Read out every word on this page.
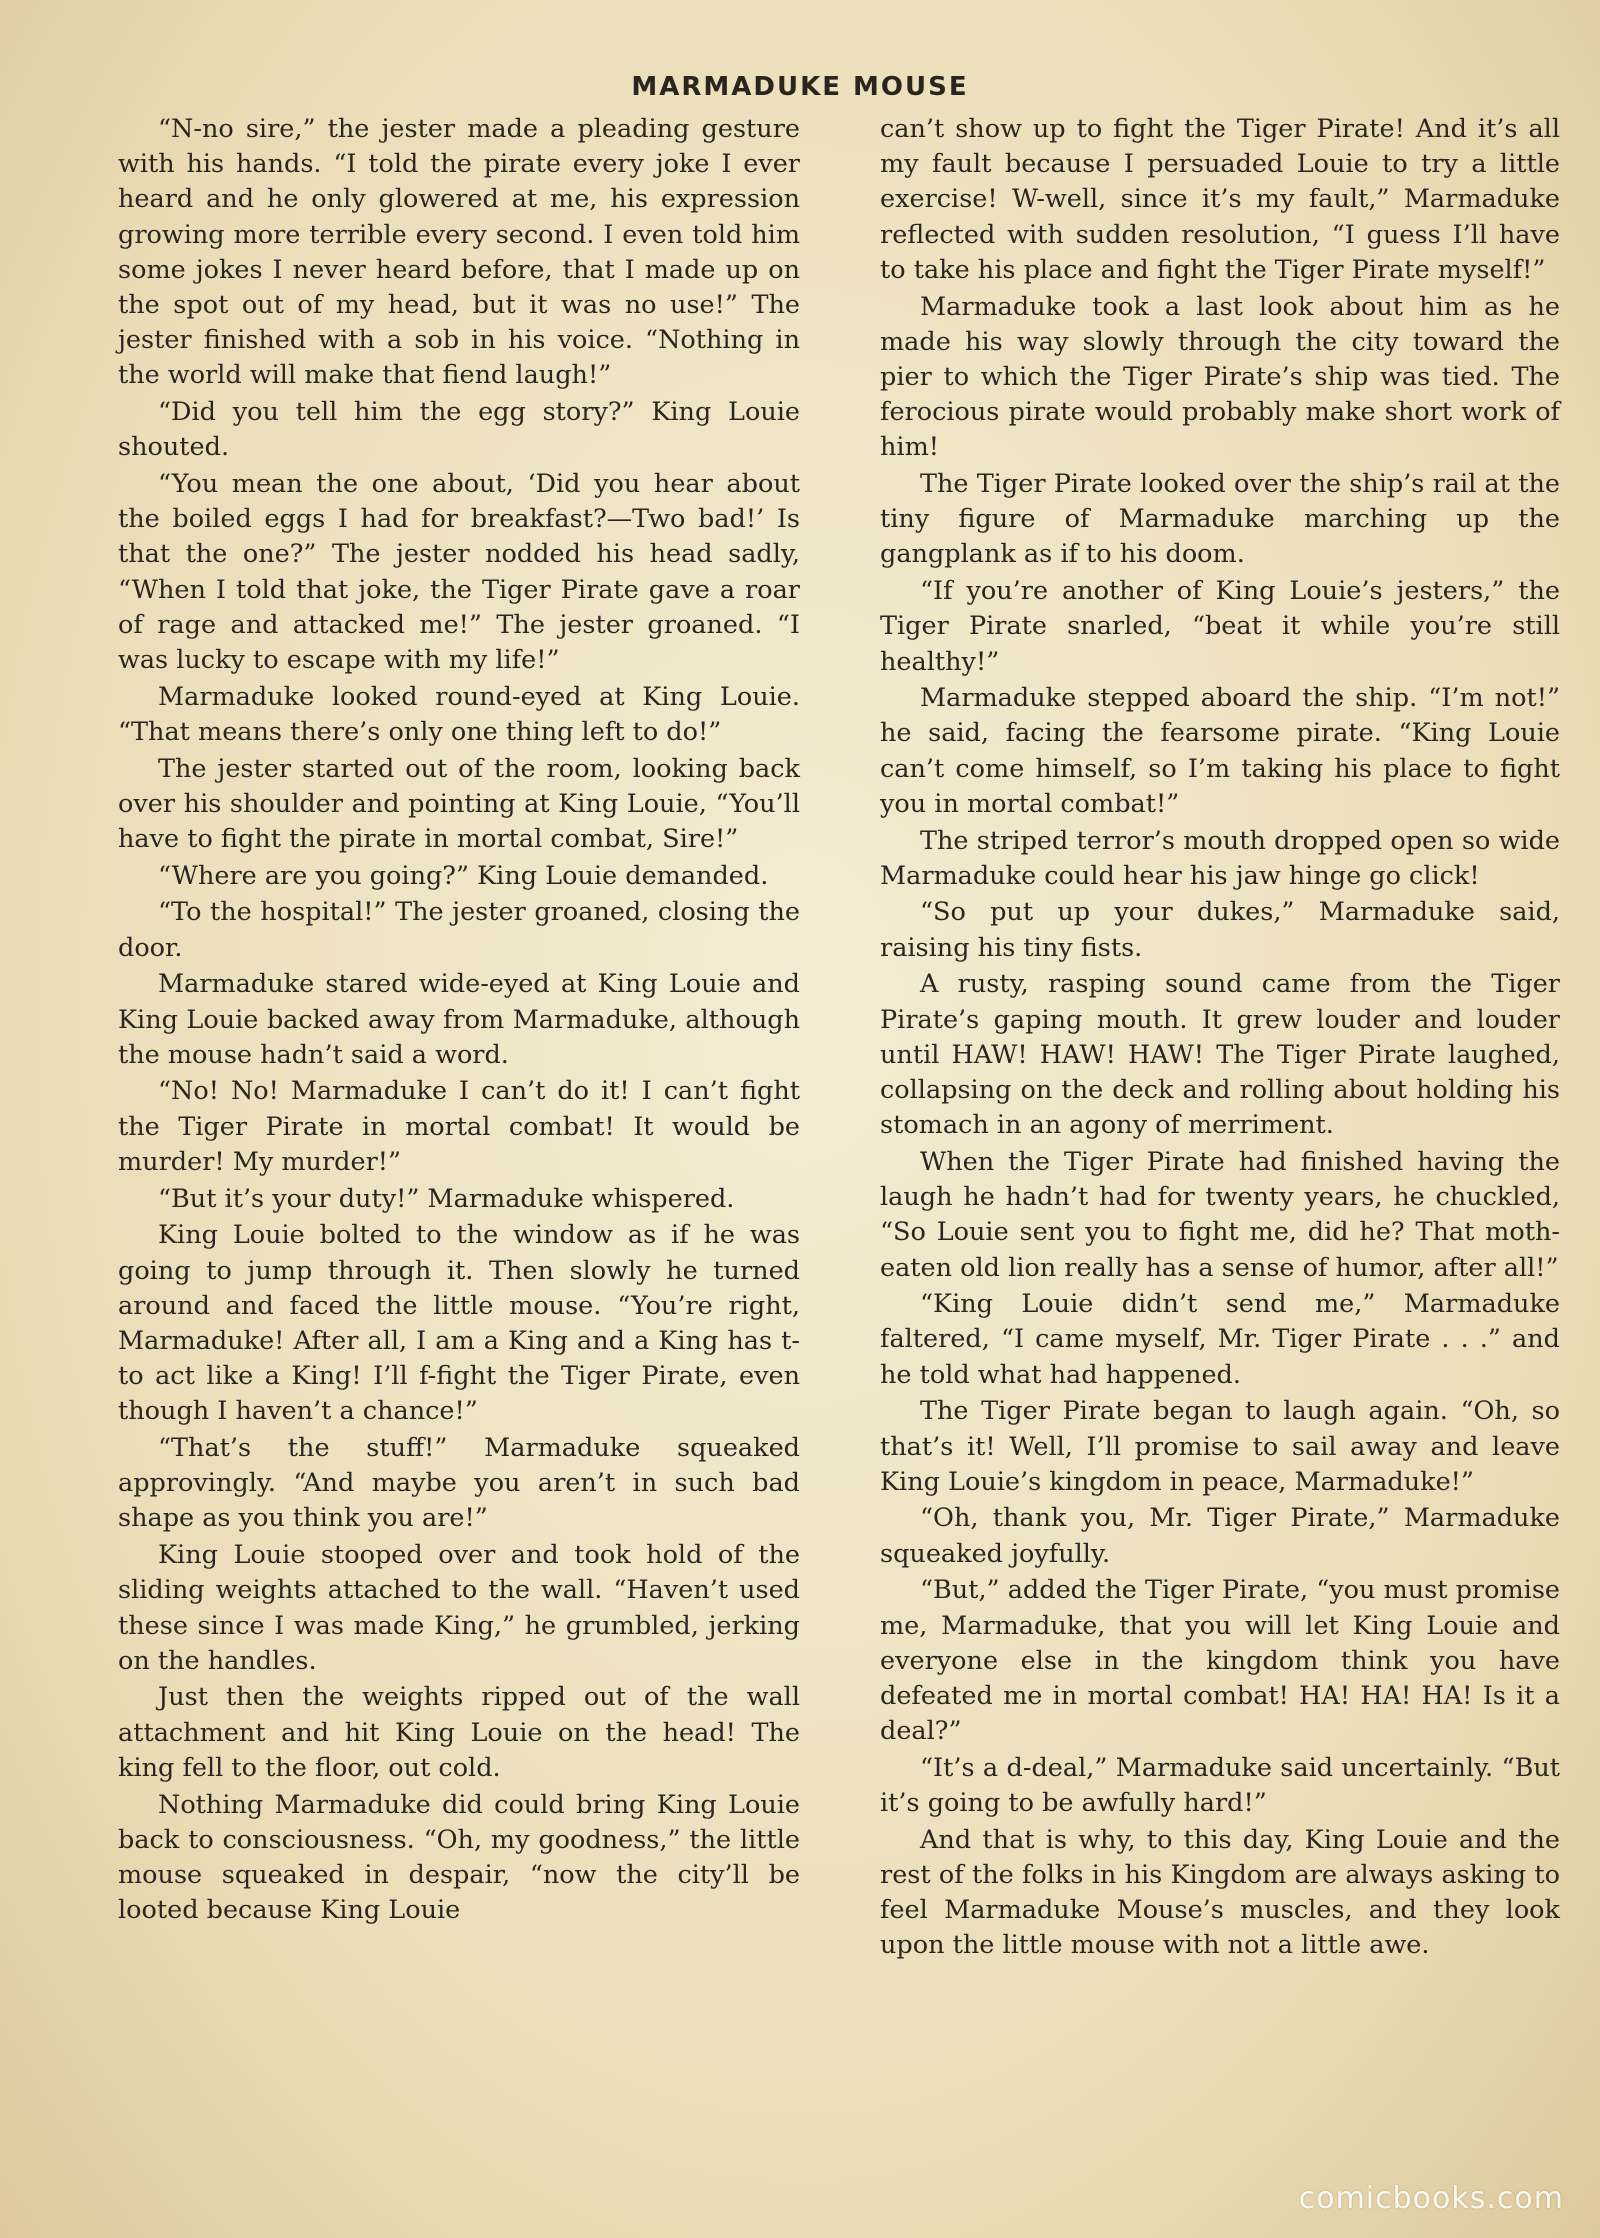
MARMADUKE MOUSE

“N-no sire,” the jester made a pleading gesture with his hands. “I told the pirate every joke I ever heard and he only glowered at me, his expression growing more terrible every second. I even told him some jokes I never heard before, that I made up on the spot out of my head, but it was no use!” The jester finished with a sob in his voice. “Nothing in the world will make that fiend laugh!”

“Did you tell him the egg story?” King Louie shouted.

“You mean the one about, ‘Did you hear about the boiled eggs I had for breakfast?—Two bad!’ Is that the one?” The jester nodded his head sadly, “When I told that joke, the Tiger Pirate gave a roar of rage and attacked me!” The jester groaned. “I was lucky to escape with my life!”

Marmaduke looked round-eyed at King Louie. “That means there’s only one thing left to do!”

The jester started out of the room, looking back over his shoulder and pointing at King Louie, “You’ll have to fight the pirate in mortal combat, Sire!”

“Where are you going?” King Louie demanded.

“To the hospital!” The jester groaned, closing the door.

Marmaduke stared wide-eyed at King Louie and King Louie backed away from Marmaduke, although the mouse hadn’t said a word.

“No! No! Marmaduke I can’t do it! I can’t fight the Tiger Pirate in mortal combat! It would be murder! My murder!”

“But it’s your duty!” Marmaduke whispered.

King Louie bolted to the window as if he was going to jump through it. Then slowly he turned around and faced the little mouse. “You’re right, Marmaduke! After all, I am a King and a King has t-to act like a King! I’ll f-fight the Tiger Pirate, even though I haven’t a chance!”

“That’s the stuff!” Marmaduke squeaked approvingly. “And maybe you aren’t in such bad shape as you think you are!”

King Louie stooped over and took hold of the sliding weights attached to the wall. “Haven’t used these since I was made King,” he grumbled, jerking on the handles.

Just then the weights ripped out of the wall attachment and hit King Louie on the head! The king fell to the floor, out cold.

Nothing Marmaduke did could bring King Louie back to consciousness. “Oh, my goodness,” the little mouse squeaked in despair, “now the city’ll be looted because King Louie

can’t show up to fight the Tiger Pirate! And it’s all my fault because I persuaded Louie to try a little exercise! W-well, since it’s my fault,” Marmaduke reflected with sudden resolution, “I guess I’ll have to take his place and fight the Tiger Pirate myself!”

Marmaduke took a last look about him as he made his way slowly through the city toward the pier to which the Tiger Pirate’s ship was tied. The ferocious pirate would probably make short work of him!

The Tiger Pirate looked over the ship’s rail at the tiny figure of Marmaduke marching up the gangplank as if to his doom.

“If you’re another of King Louie’s jesters,” the Tiger Pirate snarled, “beat it while you’re still healthy!”

Marmaduke stepped aboard the ship. “I’m not!” he said, facing the fearsome pirate. “King Louie can’t come himself, so I’m taking his place to fight you in mortal combat!”

The striped terror’s mouth dropped open so wide Marmaduke could hear his jaw hinge go click!

“So put up your dukes,” Marmaduke said, raising his tiny fists.

A rusty, rasping sound came from the Tiger Pirate’s gaping mouth. It grew louder and louder until HAW! HAW! HAW! The Tiger Pirate laughed, collapsing on the deck and rolling about holding his stomach in an agony of merriment.

When the Tiger Pirate had finished having the laugh he hadn’t had for twenty years, he chuckled, “So Louie sent you to fight me, did he? That moth-eaten old lion really has a sense of humor, after all!”

“King Louie didn’t send me,” Marmaduke faltered, “I came myself, Mr. Tiger Pirate . . .” and he told what had happened.

The Tiger Pirate began to laugh again. “Oh, so that’s it! Well, I’ll promise to sail away and leave King Louie’s kingdom in peace, Marmaduke!”

“Oh, thank you, Mr. Tiger Pirate,” Marmaduke squeaked joyfully.

“But,” added the Tiger Pirate, “you must promise me, Marmaduke, that you will let King Louie and everyone else in the kingdom think you have defeated me in mortal combat! HA! HA! HA! Is it a deal?”

“It’s a d-deal,” Marmaduke said uncertainly. “But it’s going to be awfully hard!”

And that is why, to this day, King Louie and the rest of the folks in his Kingdom are always asking to feel Marmaduke Mouse’s muscles, and they look upon the little mouse with not a little awe.

comicbooks.com
